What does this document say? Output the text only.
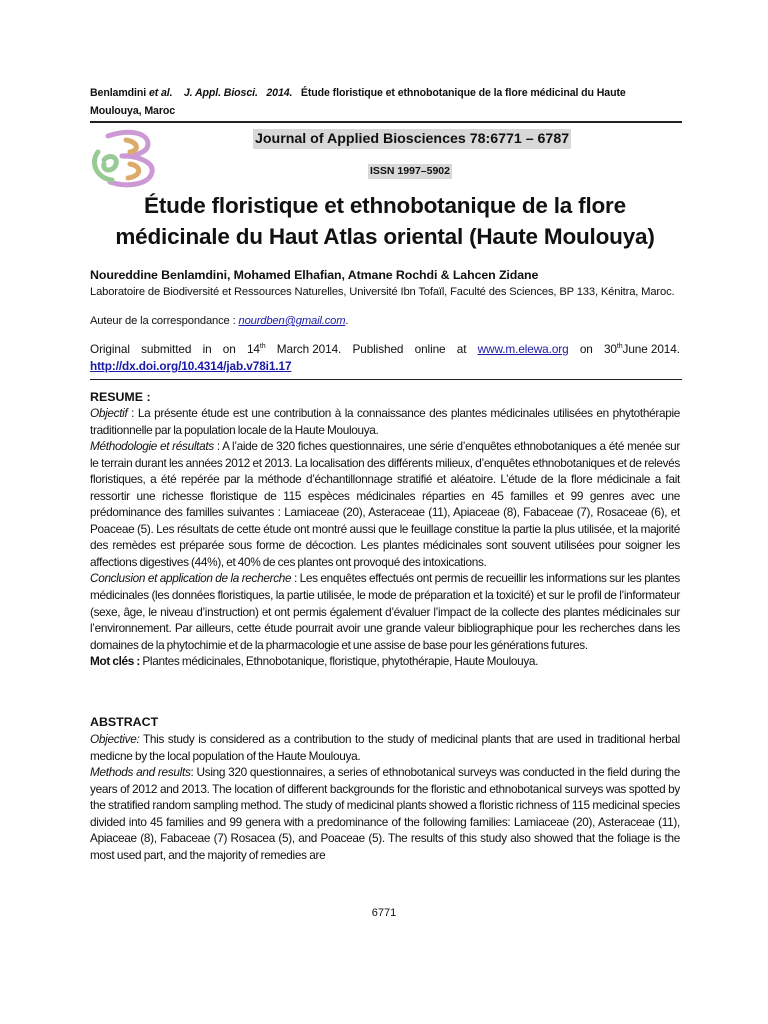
Benlamdini et al. J. Appl. Biosci. 2014. Étude floristique et ethnobotanique de la flore médicinal du Haute
Moulouya, Maroc
Journal of Applied Biosciences 78:6771 – 6787
ISSN 1997–5902
Étude floristique et ethnobotanique de la flore médicinale du Haut Atlas oriental (Haute Moulouya)
Noureddine Benlamdini, Mohamed Elhafian, Atmane Rochdi & Lahcen Zidane
Laboratoire de Biodiversité et Ressources Naturelles, Université Ibn Tofaïl, Faculté des Sciences, BP 133, Kénitra, Maroc.
Auteur de la correspondance : nourdben@gmail.com.
Original submitted in on 14th March 2014. Published online at www.m.elewa.org on 30thJune 2014.
http://dx.doi.org/10.4314/jab.v78i1.17
RESUME :

Objectif : La présente étude est une contribution à la connaissance des plantes médicinales utilisées en phytothérapie traditionnelle par la population locale de la Haute Moulouya.

Méthodologie et résultats : A l’aide de 320 fiches questionnaires, une série d’enquêtes ethnobotaniques a été menée sur le terrain durant les années 2012 et 2013. La localisation des différents milieux, d’enquêtes ethnobotaniques et de relevés floristiques, a été repérée par la méthode d’échantillonnage stratifié et aléatoire. L’étude de la flore médicinale a fait ressortir une richesse floristique de 115 espèces médicinales réparties en 45 familles et 99 genres avec une prédominance des familles suivantes : Lamiaceae (20), Asteraceae (11), Apiaceae (8), Fabaceae (7), Rosaceae (6), et Poaceae (5). Les résultats de cette étude ont montré aussi que le feuillage constitue la partie la plus utilisée, et la majorité des remèdes est préparée sous forme de décoction. Les plantes médicinales sont souvent utilisées pour soigner les affections digestives (44%), et 40% de ces plantes ont provoqué des intoxications.

Conclusion et application de la recherche : Les enquêtes effectués ont permis de recueillir les informations sur les plantes médicinales (les données floristiques, la partie utilisée, le mode de préparation et la toxicité) et sur le profil de l’informateur (sexe, âge, le niveau d’instruction) et ont permis également d’évaluer l’impact de la collecte des plantes médicinales sur l’environnement. Par ailleurs, cette étude pourrait avoir une grande valeur bibliographique pour les recherches dans les domaines de la phytochimie et de la pharmacologie et une assise de base pour les générations futures.

Mot clés : Plantes médicinales, Ethnobotanique, floristique, phytothérapie, Haute Moulouya.

ABSTRACT

Objective: This study is considered as a contribution to the study of medicinal plants that are used in traditional herbal medicne by the local population of the Haute Moulouya.

Methods and results: Using 320 questionnaires, a series of ethnobotanical surveys was conducted in the field during the years of 2012 and 2013. The location of different backgrounds for the floristic and ethnobotanical surveys was spotted by the stratified random sampling method. The study of medicinal plants showed a floristic richness of 115 medicinal species divided into 45 families and 99 genera with a predominance of the following families: Lamiaceae (20), Asteraceae (11), Apiaceae (8), Fabaceae (7) Rosacea (5), and Poaceae (5). The results of this study also showed that the foliage is the most used part, and the majority of remedies are

6771
